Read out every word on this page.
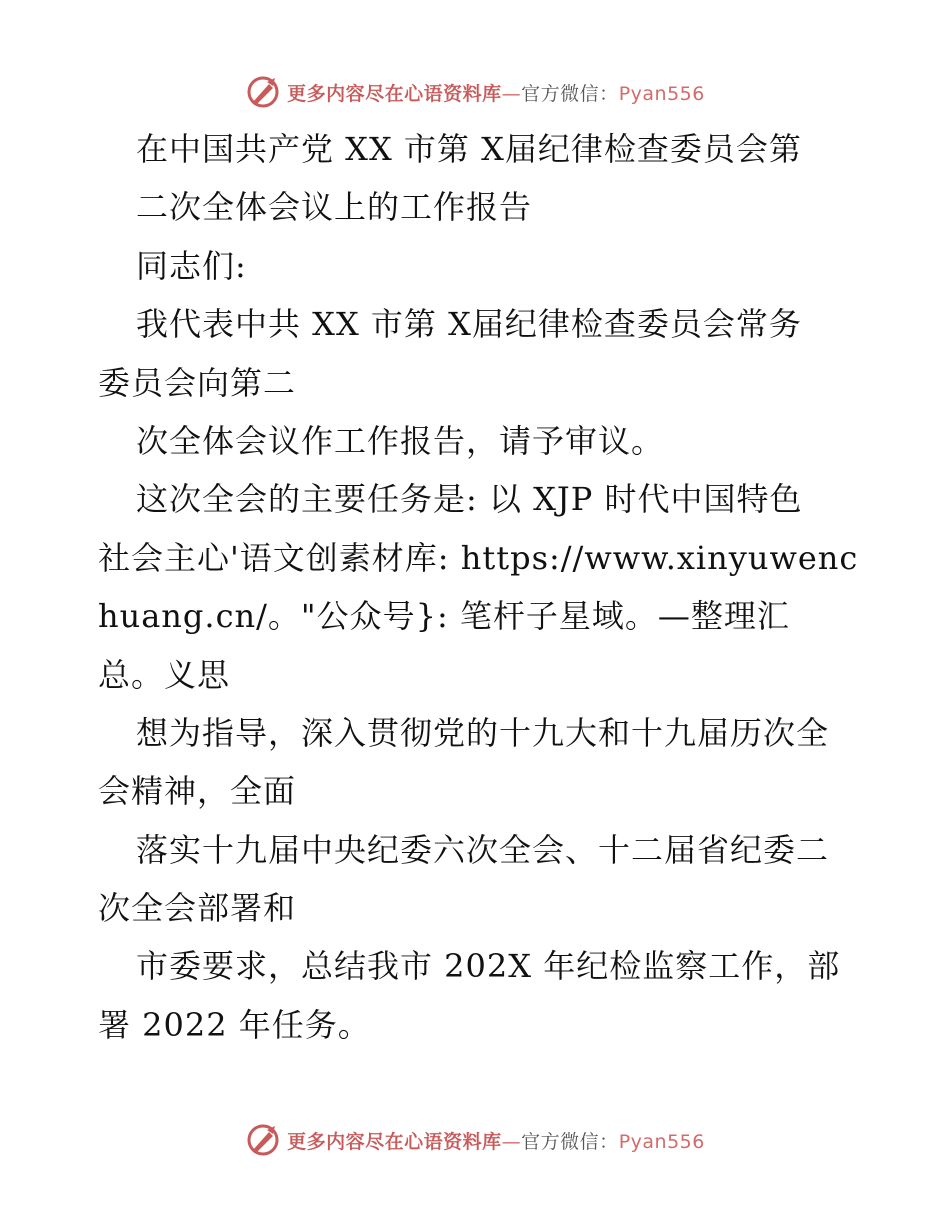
更多内容尽在心语资料库—官方微信：Pyan556
在中国共产党 XX 市第 X届纪律检查委员会第
二次全体会议上的工作报告
同志们:
我代表中共 XX 市第 X届纪律检查委员会常务
委员会向第二
次全体会议作工作报告，请予审议。
这次全会的主要任务是: 以 XJP 时代中国特色
社会主心'语文创素材库: https://www.xinyuwenc
huang.cn/。"公众号}: 笔杆子星域。—整理汇
总。义思
想为指导，深入贯彻党的十九大和十九届历次全
会精神，全面
落实十九届中央纪委六次全会、十二届省纪委二
次全会部署和
市委要求，总结我市 202X 年纪检监察工作，部
署 2022 年任务。
更多内容尽在心语资料库—官方微信：Pyan556
